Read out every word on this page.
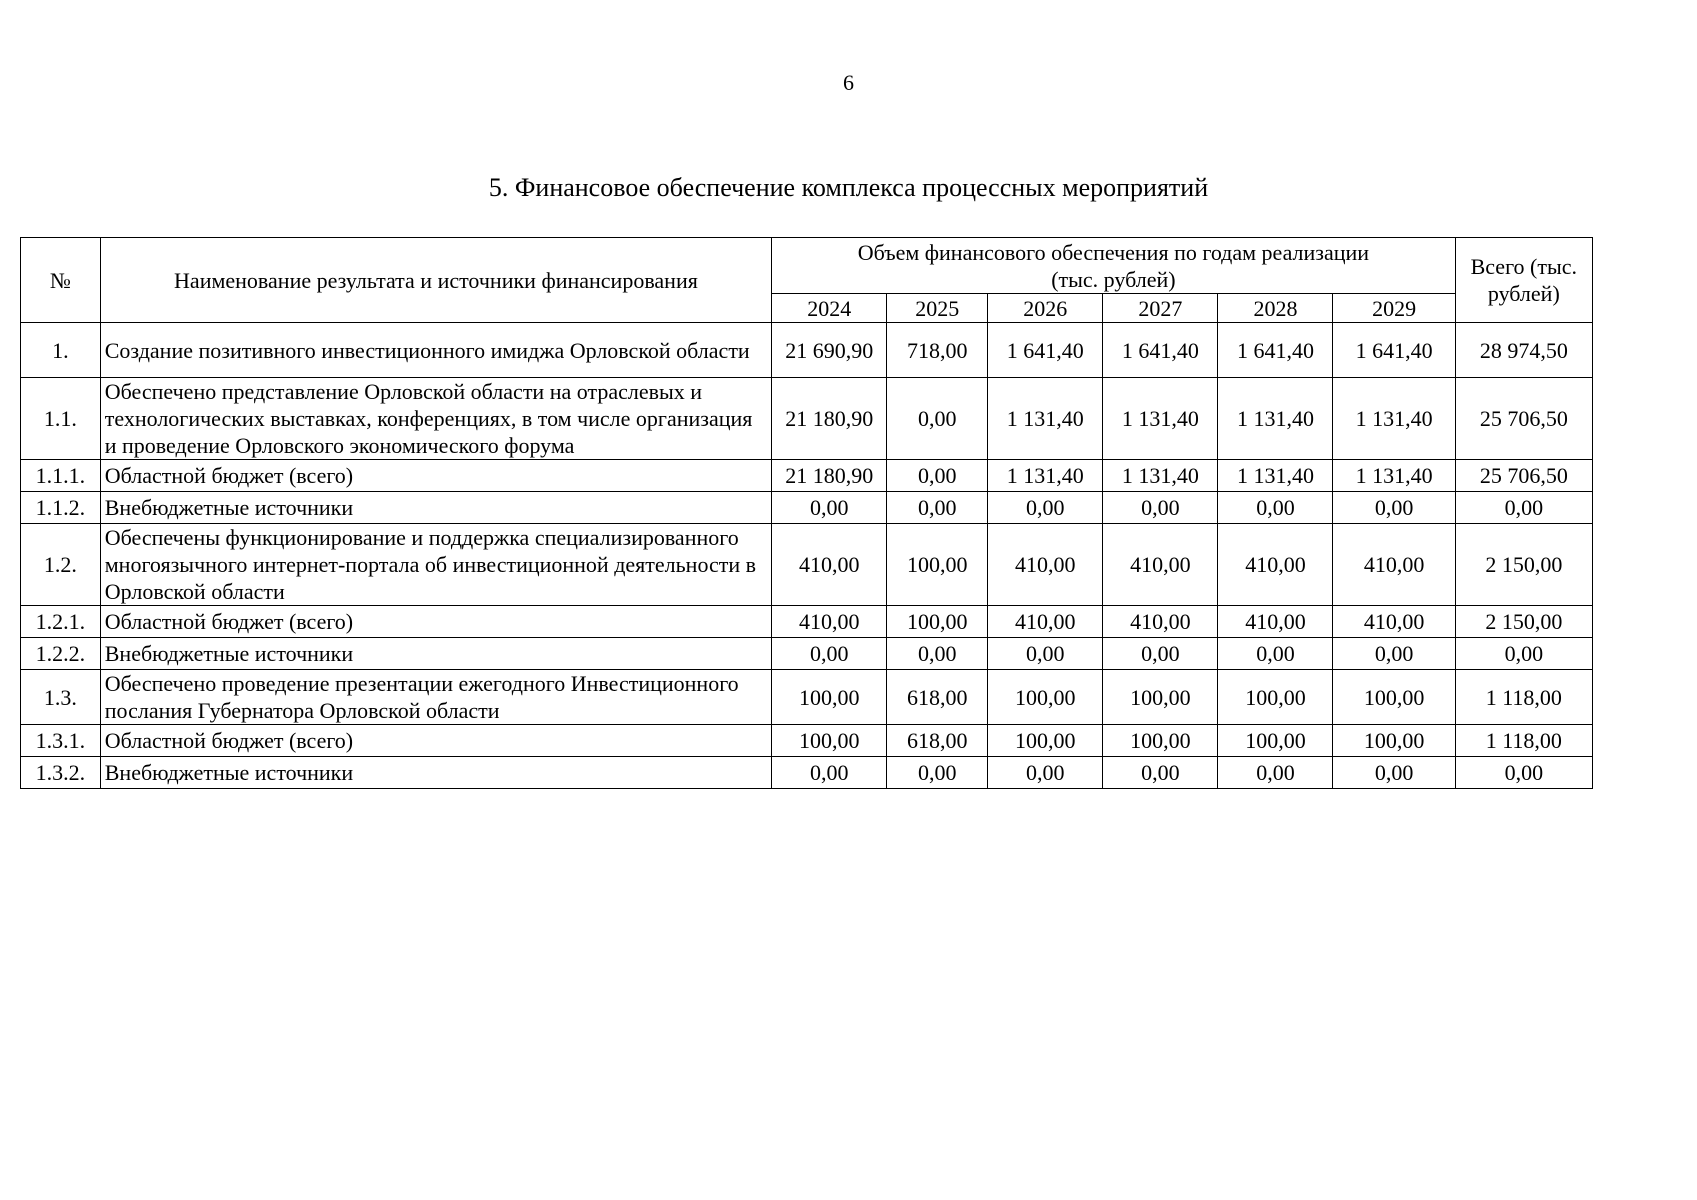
6
5. Финансовое обеспечение комплекса процессных мероприятий
№	Наименование результата и источники финансирования	Объем финансового обеспечения по годам реализации
(тыс. рублей)						Всего (тыс. рублей)
		2024	2025	2026	2027	2028	2029	
1.	Создание позитивного инвестиционного имиджа Орловской области	21 690,90	718,00	1 641,40	1 641,40	1 641,40	1 641,40	28 974,50
1.1.	Обеспечено представление Орловской области на отраслевых и технологических выставках, конференциях, в том числе организация и проведение Орловского экономического форума	21 180,90	0,00	1 131,40	1 131,40	1 131,40	1 131,40	25 706,50
1.1.1.	Областной бюджет (всего)	21 180,90	0,00	1 131,40	1 131,40	1 131,40	1 131,40	25 706,50
1.1.2.	Внебюджетные источники	0,00	0,00	0,00	0,00	0,00	0,00	0,00
1.2.	Обеспечены функционирование и поддержка специализированного многоязычного интернет-портала об инвестиционной деятельности в Орловской области	410,00	100,00	410,00	410,00	410,00	410,00	2 150,00
1.2.1.	Областной бюджет (всего)	410,00	100,00	410,00	410,00	410,00	410,00	2 150,00
1.2.2.	Внебюджетные источники	0,00	0,00	0,00	0,00	0,00	0,00	0,00
1.3.	Обеспечено проведение презентации ежегодного Инвестиционного послания Губернатора Орловской области	100,00	618,00	100,00	100,00	100,00	100,00	1 118,00
1.3.1.	Областной бюджет (всего)	100,00	618,00	100,00	100,00	100,00	100,00	1 118,00
1.3.2.	Внебюджетные источники	0,00	0,00	0,00	0,00	0,00	0,00	0,00
